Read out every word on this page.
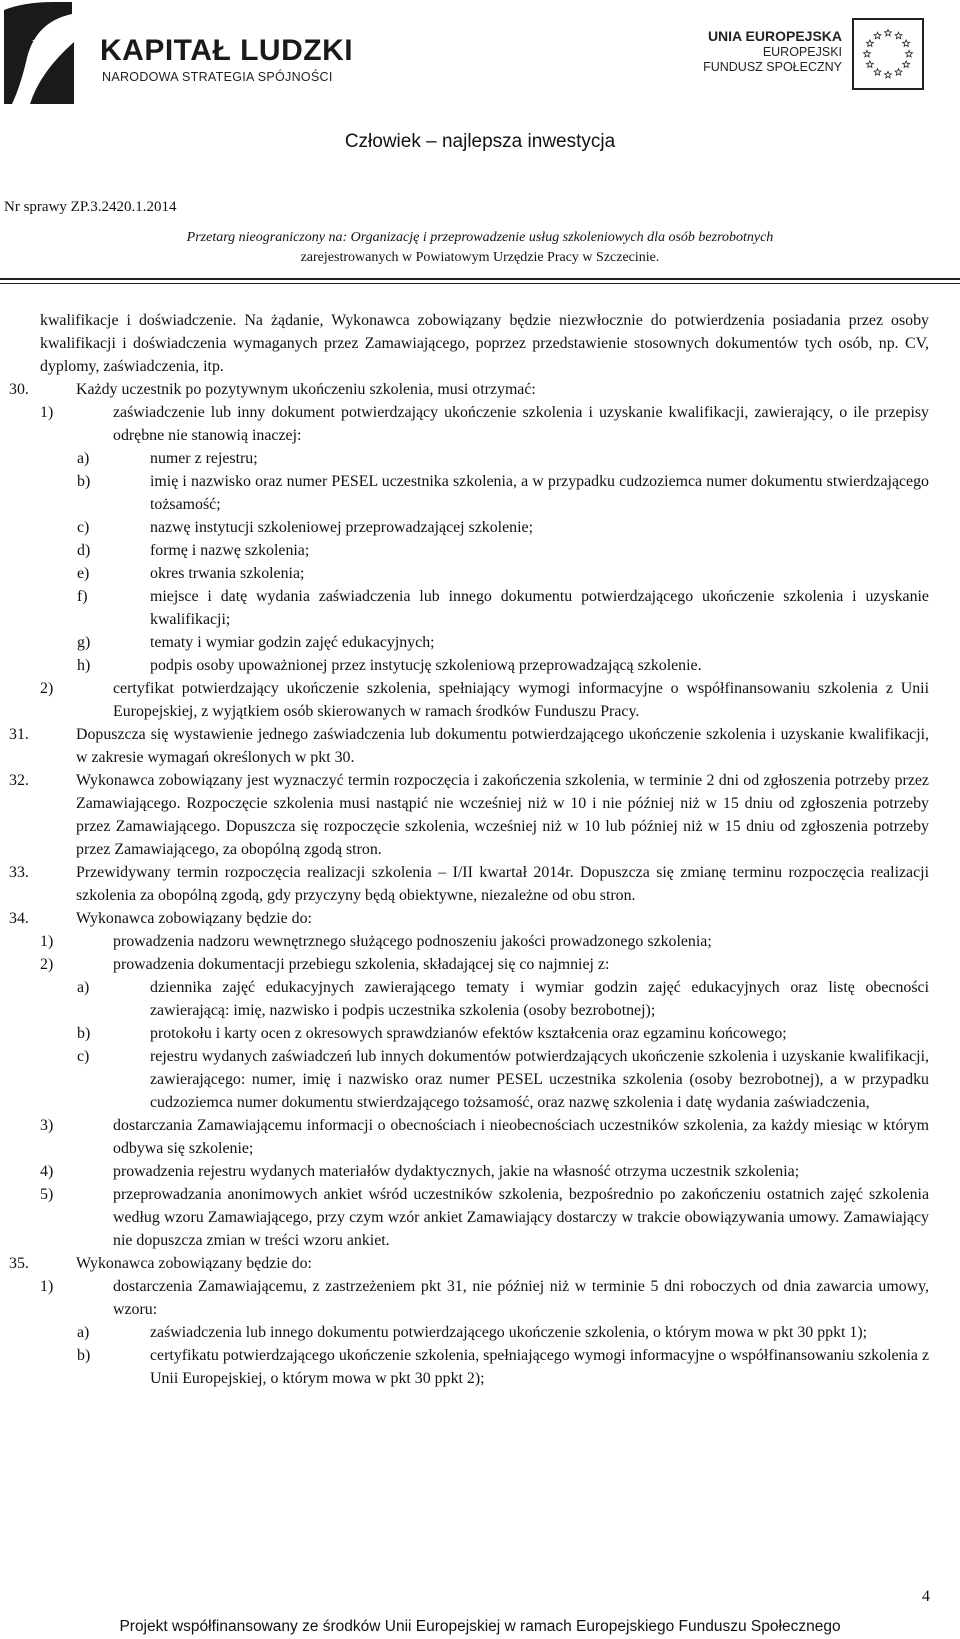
KAPITAŁ LUDZKI
NARODOWA STRATEGIA SPÓJNOŚCI
UNIA EUROPEJSKA
EUROPEJSKI
FUNDUSZ SPOŁECZNY
Człowiek – najlepsza inwestycja
Nr sprawy ZP.3.2420.1.2014
Przetarg nieograniczony na: Organizację i przeprowadzenie usług szkoleniowych dla osób bezrobotnych
zarejestrowanych w Powiatowym Urzędzie Pracy w Szczecinie.
kwalifikacje i doświadczenie. Na żądanie, Wykonawca zobowiązany będzie niezwłocznie do potwierdzenia posiadania przez osoby kwalifikacji i doświadczenia wymaganych przez Zamawiającego, poprzez przedstawienie stosownych dokumentów tych osób, np. CV, dyplomy, zaświadczenia, itp.
30.	Każdy uczestnik po pozytywnym ukończeniu szkolenia, musi otrzymać:
1)	zaświadczenie lub inny dokument potwierdzający ukończenie szkolenia i uzyskanie kwalifikacji, zawierający, o ile przepisy odrębne nie stanowią inaczej:
a)	numer z rejestru;
b)	imię i nazwisko oraz numer PESEL uczestnika szkolenia, a w przypadku cudzoziemca numer dokumentu stwierdzającego tożsamość;
c)	nazwę instytucji szkoleniowej przeprowadzającej szkolenie;
d)	formę i nazwę szkolenia;
e)	okres trwania szkolenia;
f)	miejsce i datę wydania zaświadczenia lub innego dokumentu potwierdzającego ukończenie szkolenia i uzyskanie kwalifikacji;
g)	tematy i wymiar godzin zajęć edukacyjnych;
h)	podpis osoby upoważnionej przez instytucję szkoleniową przeprowadzającą szkolenie.
2)	certyfikat potwierdzający ukończenie szkolenia, spełniający wymogi informacyjne o współfinansowaniu szkolenia z Unii Europejskiej, z wyjątkiem osób skierowanych w ramach środków Funduszu Pracy.
31.	Dopuszcza się wystawienie jednego zaświadczenia lub dokumentu potwierdzającego ukończenie szkolenia i uzyskanie kwalifikacji, w zakresie wymagań określonych w pkt 30.
32.	Wykonawca zobowiązany jest wyznaczyć termin rozpoczęcia i zakończenia szkolenia, w terminie 2 dni od zgłoszenia potrzeby przez Zamawiającego. Rozpoczęcie szkolenia musi nastąpić nie wcześniej niż w 10 i nie później niż w 15 dniu od zgłoszenia potrzeby przez Zamawiającego. Dopuszcza się rozpoczęcie szkolenia, wcześniej niż w 10 lub później niż w 15 dniu od zgłoszenia potrzeby przez Zamawiającego, za obopólną zgodą stron.
33.	Przewidywany termin rozpoczęcia realizacji szkolenia – I/II kwartał 2014r. Dopuszcza się zmianę terminu rozpoczęcia realizacji szkolenia za obopólną zgodą, gdy przyczyny będą obiektywne, niezależne od obu stron.
34.	Wykonawca zobowiązany będzie do:
1)	prowadzenia nadzoru wewnętrznego służącego podnoszeniu jakości prowadzonego szkolenia;
2)	prowadzenia dokumentacji przebiegu szkolenia, składającej się co najmniej z:
a)	dziennika zajęć edukacyjnych zawierającego tematy i wymiar godzin zajęć edukacyjnych oraz listę obecności zawierającą: imię, nazwisko i podpis uczestnika szkolenia (osoby bezrobotnej);
b)	protokołu i karty ocen z okresowych sprawdzianów efektów kształcenia oraz egzaminu końcowego;
c)	rejestru wydanych zaświadczeń lub innych dokumentów potwierdzających ukończenie szkolenia i uzyskanie kwalifikacji, zawierającego: numer, imię i nazwisko oraz numer PESEL uczestnika szkolenia (osoby bezrobotnej), a w przypadku cudzoziemca numer dokumentu stwierdzającego tożsamość, oraz nazwę szkolenia i datę wydania zaświadczenia,
3)	dostarczania Zamawiającemu informacji o obecnościach i nieobecnościach uczestników szkolenia, za każdy miesiąc w którym odbywa się szkolenie;
4)	prowadzenia rejestru wydanych materiałów dydaktycznych, jakie na własność otrzyma uczestnik szkolenia;
5)	przeprowadzania anonimowych ankiet wśród uczestników szkolenia, bezpośrednio po zakończeniu ostatnich zajęć szkolenia według wzoru Zamawiającego, przy czym wzór ankiet Zamawiający dostarczy w trakcie obowiązywania umowy. Zamawiający nie dopuszcza zmian w treści wzoru ankiet.
35.	Wykonawca zobowiązany będzie do:
1)	dostarczenia Zamawiającemu, z zastrzeżeniem pkt 31, nie później niż w terminie 5 dni roboczych od dnia zawarcia umowy, wzoru:
a)	zaświadczenia lub innego dokumentu potwierdzającego ukończenie szkolenia, o którym mowa w pkt 30 ppkt 1);
b)	certyfikatu potwierdzającego ukończenie szkolenia, spełniającego wymogi informacyjne o współfinansowaniu szkolenia z Unii Europejskiej, o którym mowa w pkt 30 ppkt 2);
4
Projekt współfinansowany ze środków Unii Europejskiej w ramach Europejskiego Funduszu Społecznego
